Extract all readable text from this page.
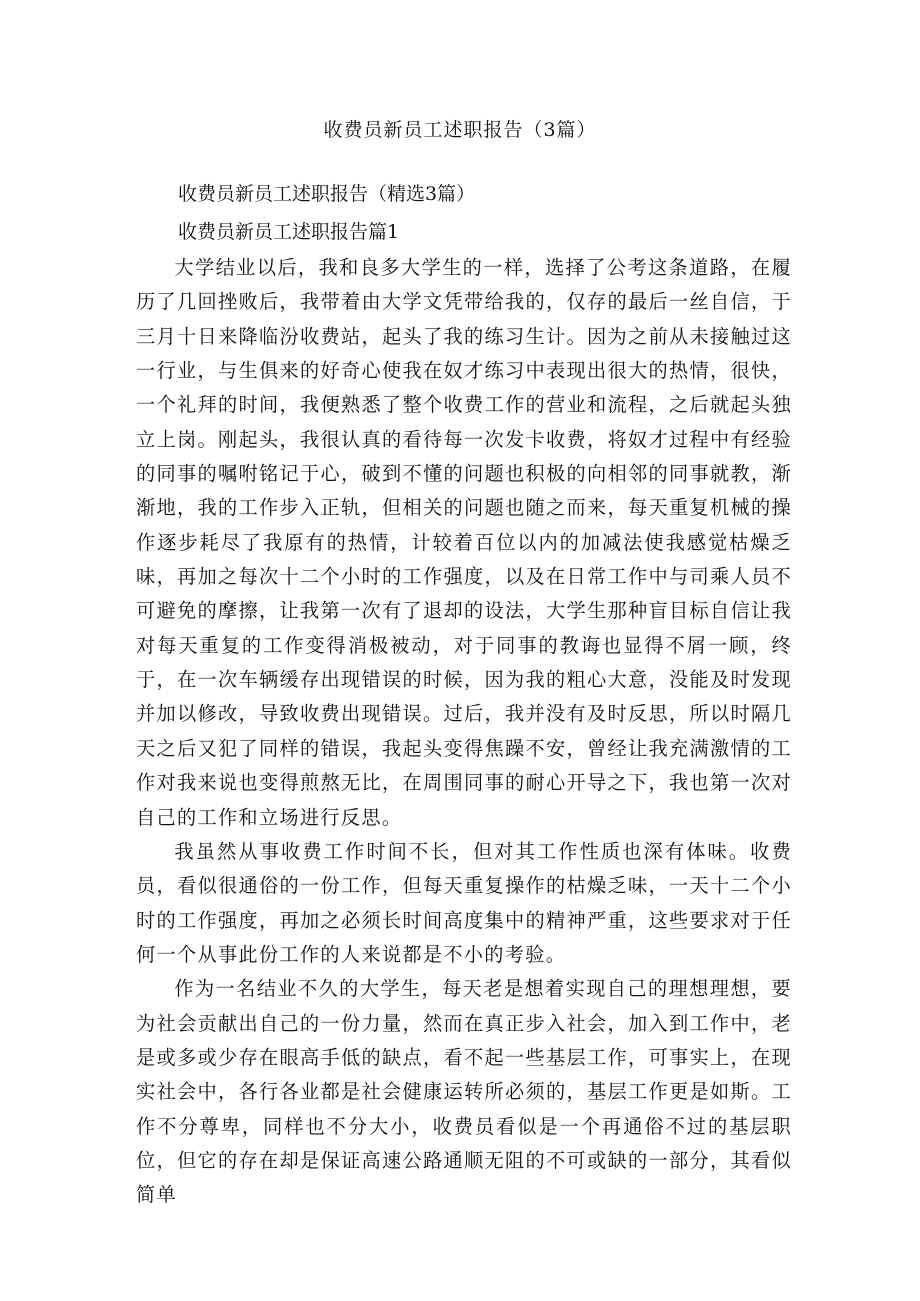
收费员新员工述职报告（3篇）
收费员新员工述职报告（精选3篇）
收费员新员工述职报告篇1

大学结业以后，我和良多大学生的一样，选择了公考这条道路，在履历了几回挫败后，我带着由大学文凭带给我的，仅存的最后一丝自信，于三月十日来降临汾收费站，起头了我的练习生计。因为之前从未接触过这一行业，与生俱来的好奇心使我在奴才练习中表现出很大的热情，很快，一个礼拜的时间，我便熟悉了整个收费工作的营业和流程，之后就起头独立上岗。刚起头，我很认真的看待每一次发卡收费，将奴才过程中有经验的同事的嘱咐铭记于心，破到不懂的问题也积极的向相邻的同事就教，渐渐地，我的工作步入正轨，但相关的问题也随之而来，每天重复机械的操作逐步耗尽了我原有的热情，计较着百位以内的加减法使我感觉枯燥乏味，再加之每次十二个小时的工作强度，以及在日常工作中与司乘人员不可避免的摩擦，让我第一次有了退却的设法，大学生那种盲目标自信让我对每天重复的工作变得消极被动，对于同事的教诲也显得不屑一顾，终于，在一次车辆缓存出现错误的时候，因为我的粗心大意，没能及时发现并加以修改，导致收费出现错误。过后，我并没有及时反思，所以时隔几天之后又犯了同样的错误，我起头变得焦躁不安，曾经让我充满激情的工作对我来说也变得煎熬无比，在周围同事的耐心开导之下，我也第一次对自己的工作和立场进行反思。

我虽然从事收费工作时间不长，但对其工作性质也深有体味。收费员，看似很通俗的一份工作，但每天重复操作的枯燥乏味，一天十二个小时的工作强度，再加之必须长时间高度集中的精神严重，这些要求对于任何一个从事此份工作的人来说都是不小的考验。

作为一名结业不久的大学生，每天老是想着实现自己的理想理想，要为社会贡献出自己的一份力量，然而在真正步入社会，加入到工作中，老是或多或少存在眼高手低的缺点，看不起一些基层工作，可事实上，在现实社会中，各行各业都是社会健康运转所必须的，基层工作更是如斯。工作不分尊卑，同样也不分大小，收费员看似是一个再通俗不过的基层职位，但它的存在却是保证高速公路通顺无阻的不可或缺的一部分，其看似简单
